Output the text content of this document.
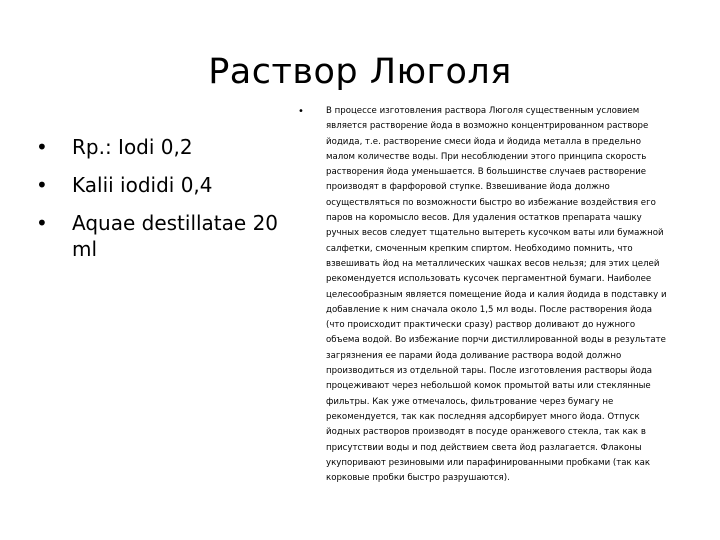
Раствор Люголя
• Rp.: Iodi 0,2
• Kalii iodidi 0,4
• Aquae destillatae 20 ml
•	В процессе изготовления раствора Люголя существенным условием является растворение йода в возможно концентрированном растворе йодида, т.е. растворение смеси йода и йодида металла в предельно малом количестве воды. При несоблюдении этого принципа скорость растворения йода уменьшается. В большинстве случаев растворение производят в фарфоровой ступке. Взвешивание йода должно осуществляться по возможности быстро во избежание воздействия его паров на коромысло весов. Для удаления остатков препарата чашку ручных весов следует тщательно вытереть кусочком ваты или бумажной салфетки, смоченным крепким спиртом. Необходимо помнить, что взвешивать йод на металлических чашках весов нельзя; для этих целей рекомендуется использовать кусочек пергаментной бумаги. Наиболее целесообразным является помещение йода и калия йодида в подставку и добавление к ним сначала около 1,5 мл воды. После растворения йода (что происходит практически сразу) раствор доливают до нужного объема водой. Во избежание порчи дистиллированной воды в результате загрязнения ее парами йода доливание раствора водой должно производиться из отдельной тары. После изготовления растворы йода процеживают через небольшой комок промытой ваты или стеклянные фильтры. Как уже отмечалось, фильтрование через бумагу не рекомендуется, так как последняя адсорбирует много йода. Отпуск йодных растворов производят в посуде оранжевого стекла, так как в присутствии воды и под действием света йод разлагается. Флаконы укупоривают резиновыми или парафинированными пробками (так как корковые пробки быстро разрушаются).
